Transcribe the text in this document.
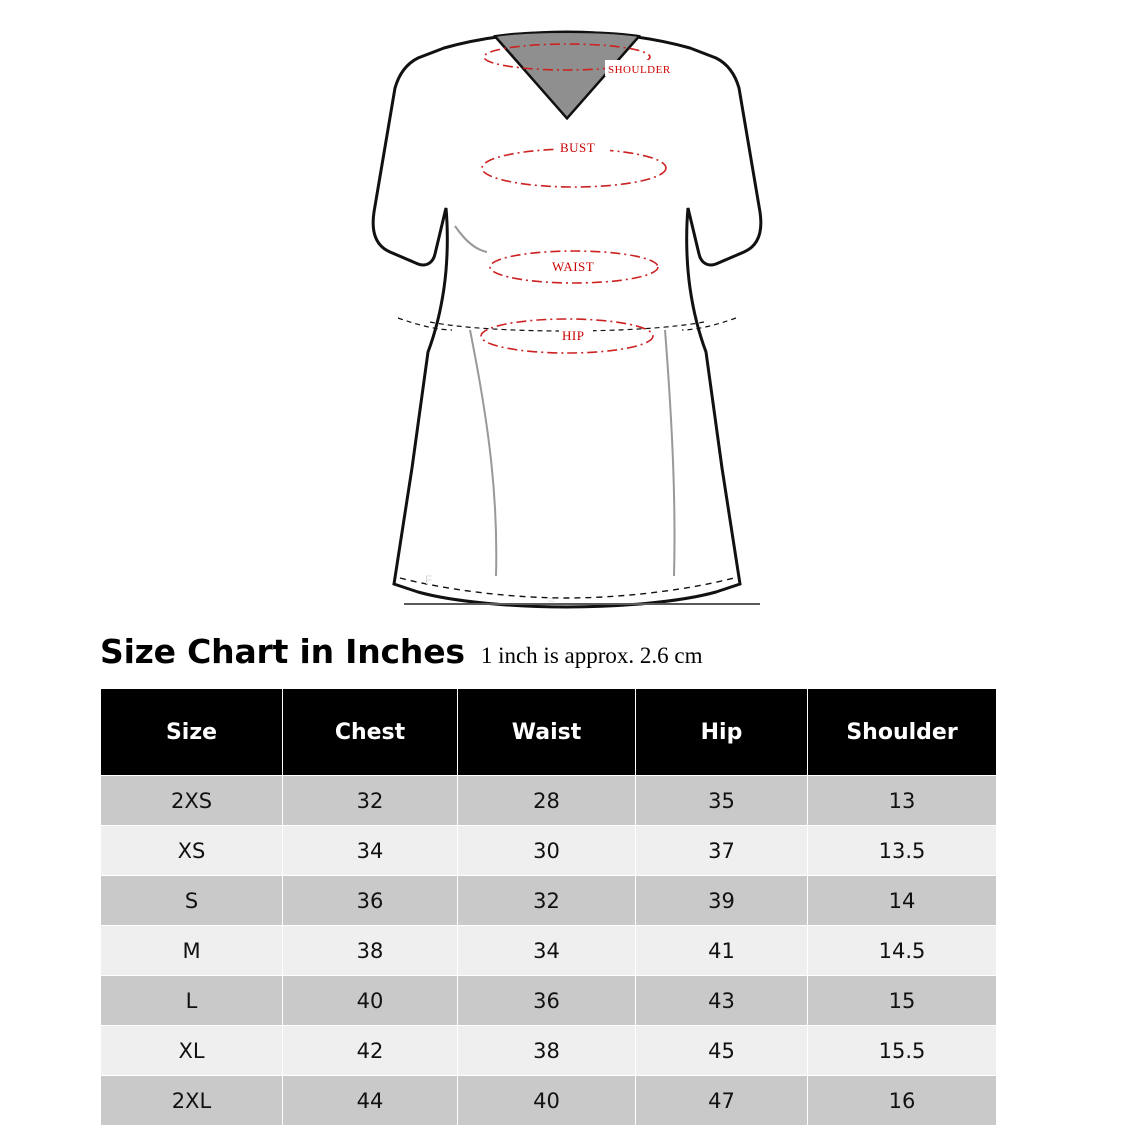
SHOULDER
BUST
WAIST
HIP
F
≈
Size Chart in Inches 1 inch is approx. 2.6 cm
Size	Chest	Waist	Hip	Shoulder
2XS	32	28	35	13
XS	34	30	37	13.5
S	36	32	39	14
M	38	34	41	14.5
L	40	36	43	15
XL	42	38	45	15.5
2XL	44	40	47	16
